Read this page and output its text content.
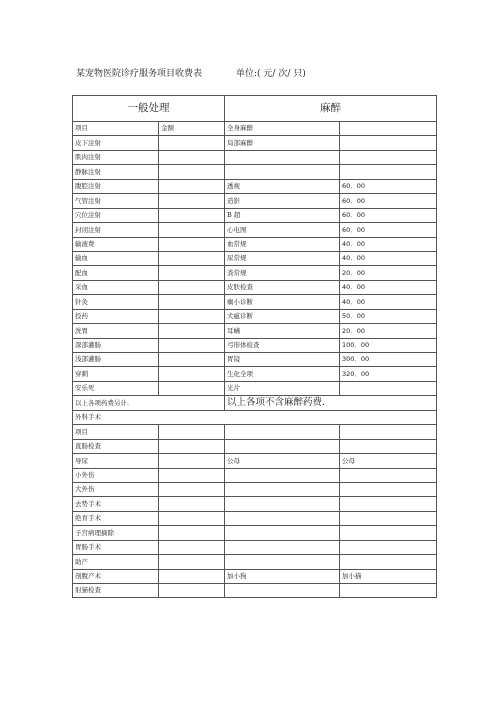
某宠物医院诊疗服务项目收费表	单位:( 元/ 次/ 只)
一般处理		麻醉	
项目	金额	全身麻醉	
皮下注射		局部麻醉	
肌肉注射			
静脉注射			
腹腔注射		透视	60．00
气管注射		造影	60．00
穴位注射		B 超	60．00
封闭注射		心电图	60．00
输液费		血常规	40．00
输血		尿常规	40．00
配血		粪常规	20．00
采血		皮肤检查	40．00
针灸		瘸小诊断	40．00
投药		犬瘟诊断	50．00
洗胃		耳螨	20．00
深部灌肠		弓形体检查	100．00
浅部灌肠		胃镜	300．00
穿刺		生化全项	320．00
安乐死		光片	
以上各项药费另计．		以上各项不含麻醉药费．	
外科手术			
项目			
直肠检查			
导尿		公母	公母
小外伤			
大外伤			
去势手术			
绝育手术			
子宫病理摘除			
胃肠手术			
助产			
剖腹产术		加小狗	加小猫
射猫检查			
